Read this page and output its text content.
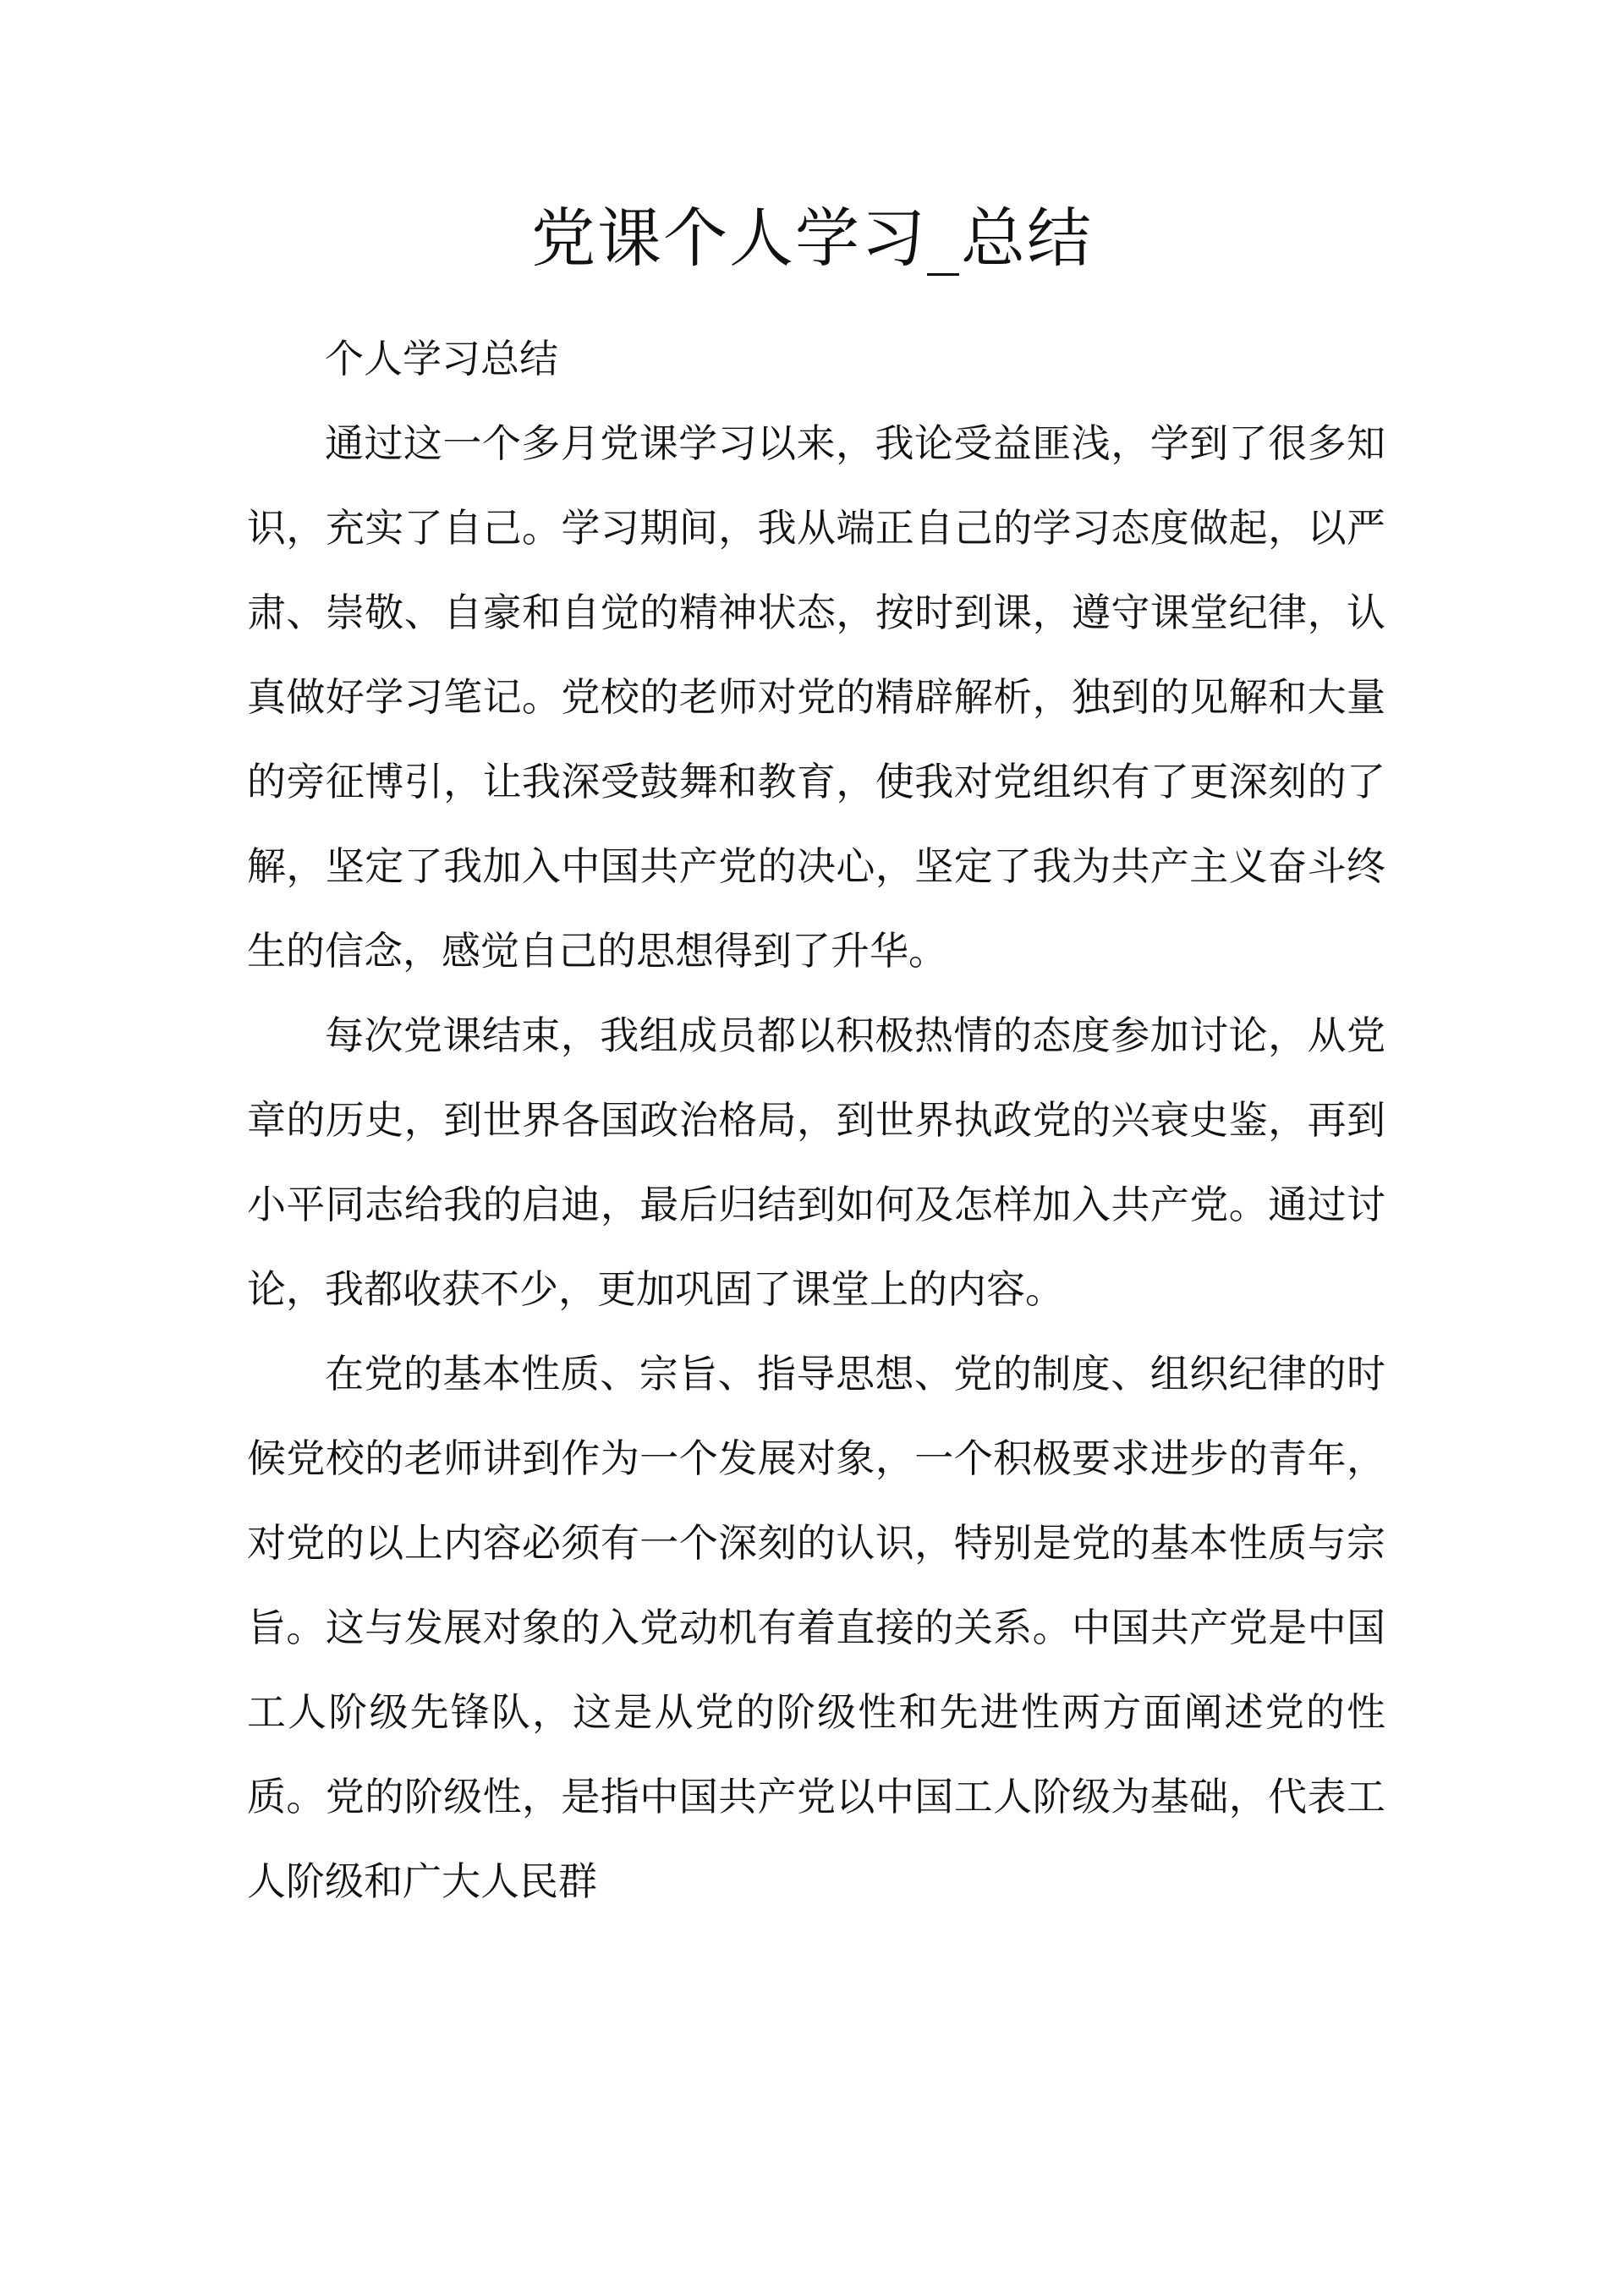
党课个人学习_总结

个人学习总结

通过这一个多月党课学习以来，我论受益匪浅，学到了很多知识，充实了自己。学习期间，我从端正自己的学习态度做起，以严肃、崇敬、自豪和自觉的精神状态，按时到课，遵守课堂纪律，认真做好学习笔记。党校的老师对党的精辟解析，独到的见解和大量的旁征博引，让我深受鼓舞和教育，使我对党组织有了更深刻的了解，坚定了我加入中国共产党的决心，坚定了我为共产主义奋斗终生的信念，感觉自己的思想得到了升华。

每次党课结束，我组成员都以积极热情的态度参加讨论，从党章的历史，到世界各国政治格局，到世界执政党的兴衰史鉴，再到小平同志给我的启迪，最后归结到如何及怎样加入共产党。通过讨论，我都收获不少，更加巩固了课堂上的内容。

在党的基本性质、宗旨、指导思想、党的制度、组织纪律的时候党校的老师讲到作为一个发展对象，一个积极要求进步的青年，对党的以上内容必须有一个深刻的认识，特别是党的基本性质与宗旨。这与发展对象的入党动机有着直接的关系。中国共产党是中国工人阶级先锋队，这是从党的阶级性和先进性两方面阐述党的性质。党的阶级性，是指中国共产党以中国工人阶级为基础，代表工人阶级和广大人民群
